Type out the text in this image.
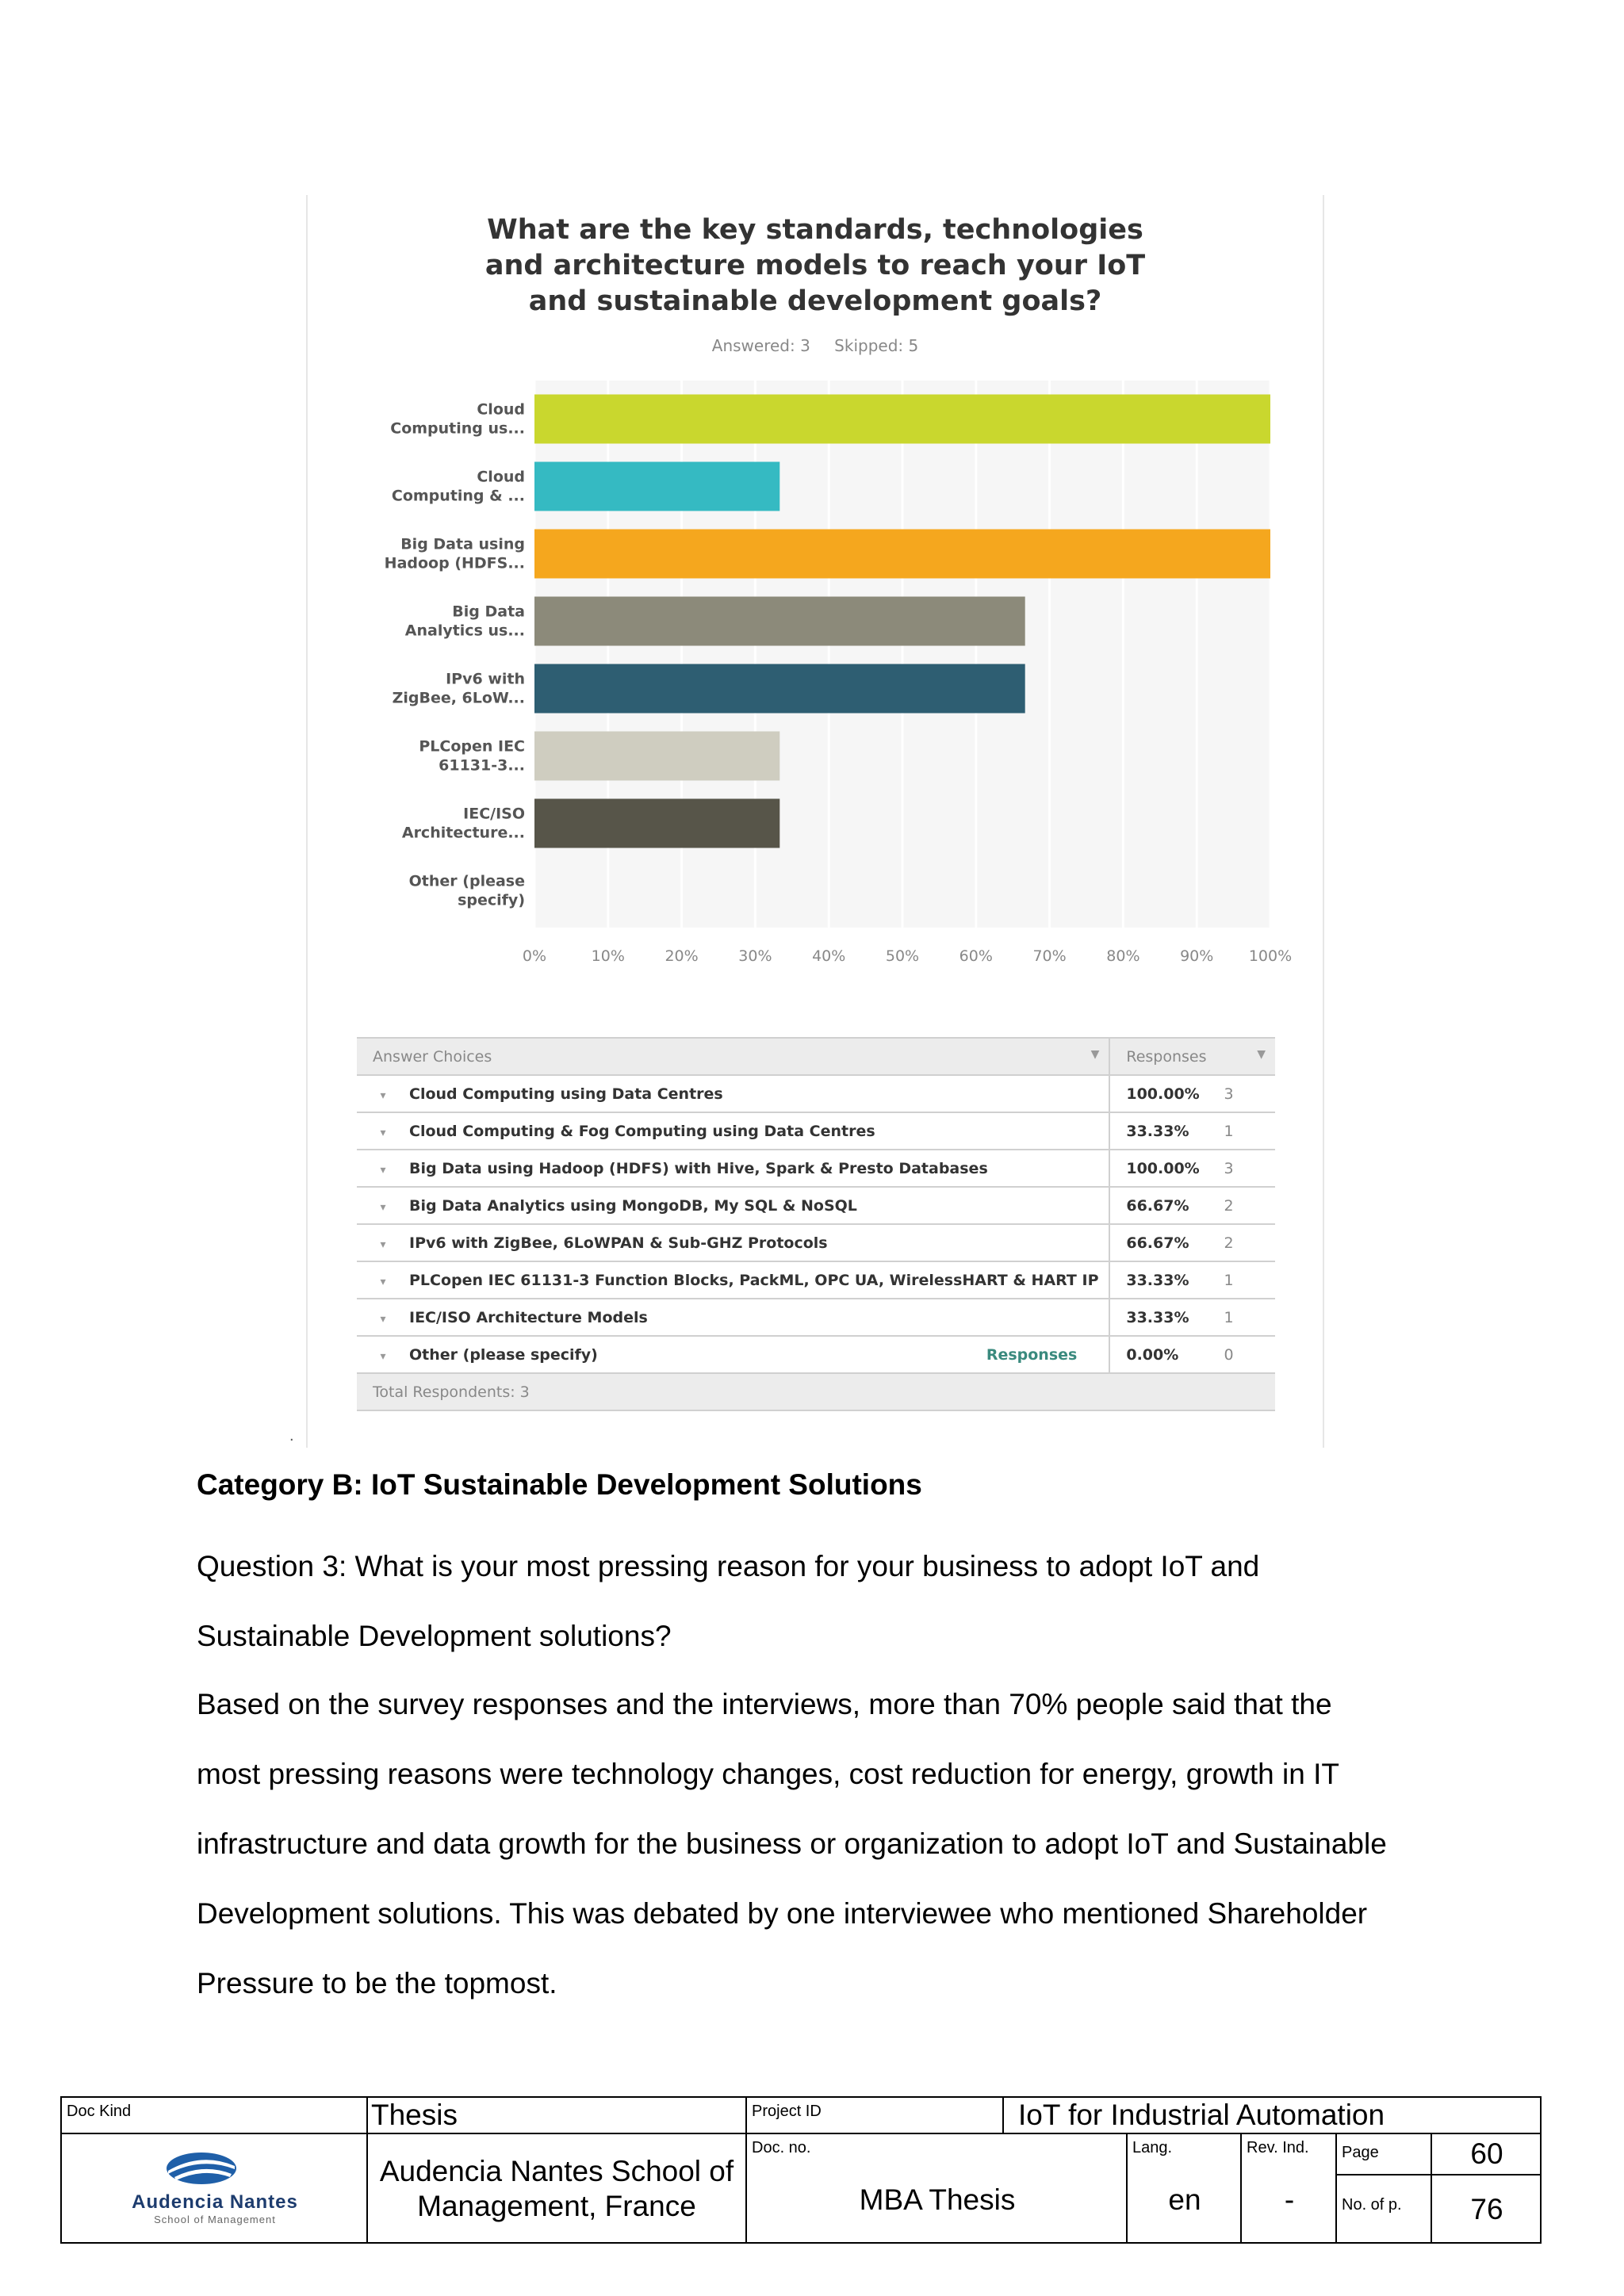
What are the key standards, technologies
and architecture models to reach your IoT
and sustainable development goals?
Answered: 3 Skipped: 5
0%	10%	20%	30%	40%	50%	60%	70%	80%	90% 100%
Cloud
Computing us...
Cloud
Computing & ...
Big Data using
Hadoop (HDFS...
Big Data
Analytics us...
IPv6 with
ZigBee, 6LoW...
PLCopen IEC
61131-3...
IEC/ISO
Architecture...
Other (please
specify)
Answer Choices ▼	Responses ▼	

▾ Cloud Computing using Data Centres	100.00%	3
▾ Cloud Computing & Fog Computing using Data Centres	33.33%	1
▾ Big Data using Hadoop (HDFS) with Hive, Spark & Presto Databases	100.00%	3
▾ Big Data Analytics using MongoDB, My SQL & NoSQL	66.67%	2
▾ IPv6 with ZigBee, 6LoWPAN & Sub-GHZ Protocols	66.67%	2
▾ PLCopen IEC 61131-3 Function Blocks, PackML, OPC UA, WirelessHART & HART IP	33.33%	1
▾ IEC/ISO Architecture Models	33.33%	1
▾ Other (please specify) Responses	0.00%	0
Total Respondents: 3		
.
Category B: IoT Sustainable Development Solutions
Question 3: What is your most pressing reason for your business to adopt IoT and
Sustainable Development solutions?
Based on the survey responses and the interviews, more than 70% people said that the
most pressing reasons were technology changes, cost reduction for energy, growth in IT
infrastructure and data growth for the business or organization to adopt IoT and Sustainable
Development solutions. This was debated by one interviewee who mentioned Shareholder
Pressure to be the topmost.
Doc Kind	Thesis	Project ID	IoT for Industrial Automation
Audencia Nantes
School of Management
Audencia Nantes School of
Management, France
Doc. no.
MBA Thesis
Lang.
en
Rev. Ind.
-
Page	60
No. of p.	76
